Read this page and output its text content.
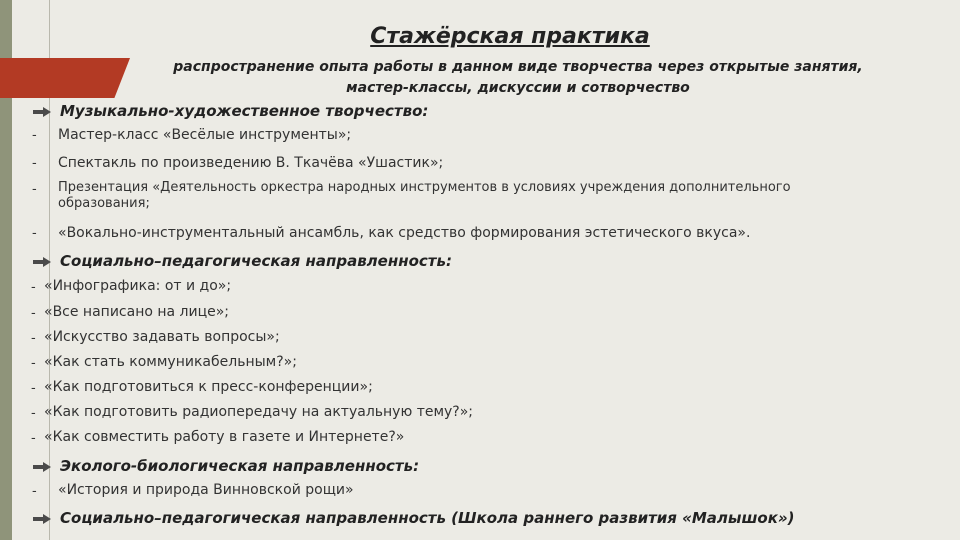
Стажёрская практика
распространение опыта работы в данном виде творчества через открытые занятия, мастер-классы, дискуссии и сотворчество
Музыкально-художественное творчество:
- Мастер-класс «Весёлые инструменты»;
- Спектакль по произведению В. Ткачёва «Ушастик»;
- Презентация «Деятельность оркестра народных инструментов в условиях учреждения дополнительного образования;
- «Вокально-инструментальный ансамбль, как средство формирования эстетического вкуса».
Социально–педагогическая направленность:
- «Инфографика: от и до»;
- «Все написано на лице»;
- «Искусство задавать вопросы»;
- «Как стать коммуникабельным?»;
- «Как подготовиться к пресс-конференции»;
- «Как подготовить радиопередачу на актуальную тему?»;
- «Как совместить работу в газете и Интернете?»
Эколого-биологическая направленность:
- «История и природа Винновской рощи»
Социально–педагогическая направленность (Школа раннего развития «Малышок»)
